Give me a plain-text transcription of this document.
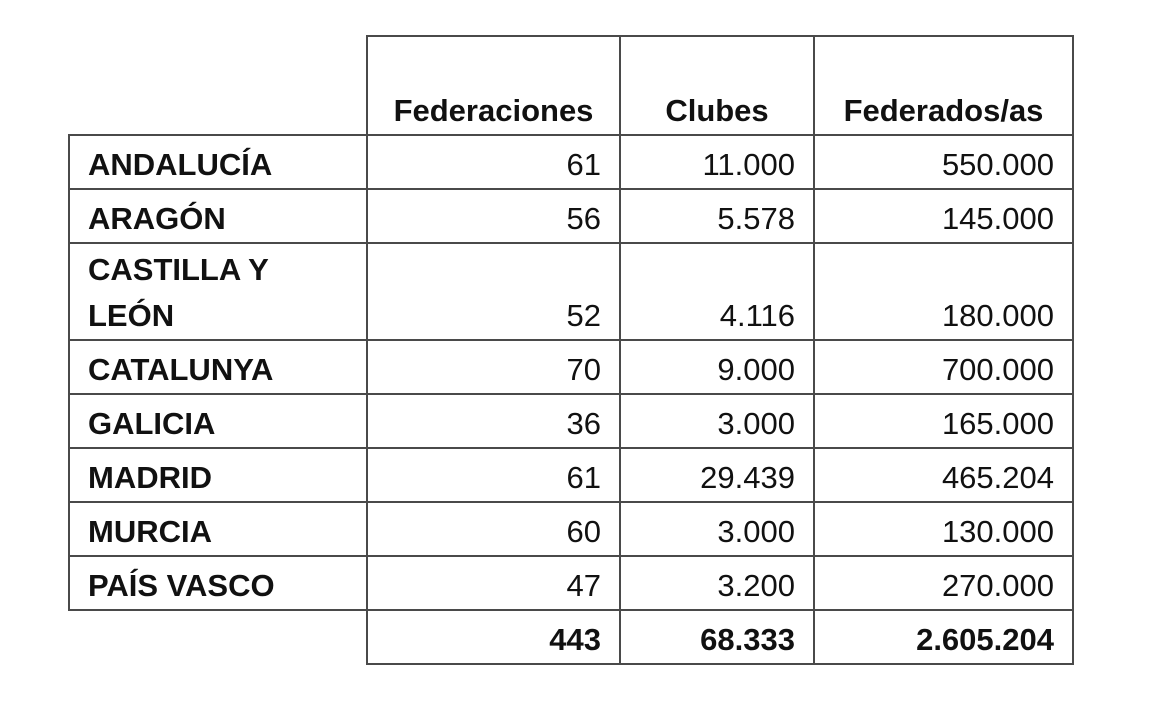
	Federaciones	Clubes	Federados/as
ANDALUCÍA	61	11.000	550.000
ARAGÓN	56	5.578	145.000
CASTILLA Y LEÓN	52	4.116	180.000
CATALUNYA	70	9.000	700.000
GALICIA	36	3.000	165.000
MADRID	61	29.439	465.204
MURCIA	60	3.000	130.000
PAÍS VASCO	47	3.200	270.000
	443	68.333	2.605.204
